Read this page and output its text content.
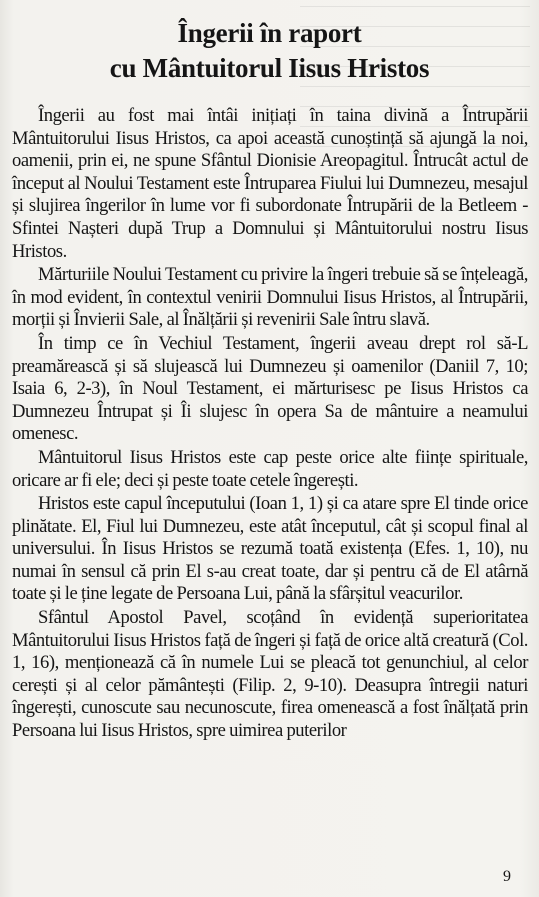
Îngerii în raport
cu Mântuitorul Iisus Hristos

Îngerii au fost mai întâi inițiați în taina divină a Întrupării Mântuitorului Iisus Hristos, ca apoi această cunoștință să ajungă la noi, oamenii, prin ei, ne spune Sfântul Dionisie Areopagitul. Întrucât actul de început al Noului Testament este Întruparea Fiului lui Dumnezeu, mesajul și slujirea îngerilor în lume vor fi subordonate Întrupării de la Betleem - Sfintei Nașteri după Trup a Domnului și Mântuitorului nostru Iisus Hristos.

Mărturiile Noului Testament cu privire la îngeri trebuie să se înțeleagă, în mod evident, în contextul venirii Domnului Iisus Hristos, al Întrupării, morții și Învierii Sale, al Înălțării și revenirii Sale întru slavă.

În timp ce în Vechiul Testament, îngerii aveau drept rol să-L preamărească și să slujească lui Dumnezeu și oamenilor (Daniil 7, 10; Isaia 6, 2-3), în Noul Testament, ei mărturisesc pe Iisus Hristos ca Dumnezeu Întrupat și Îi slujesc în opera Sa de mântuire a neamului omenesc.

Mântuitorul Iisus Hristos este cap peste orice alte ființe spirituale, oricare ar fi ele; deci și peste toate cetele îngerești.

Hristos este capul începutului (Ioan 1, 1) și ca atare spre El tinde orice plinătate. El, Fiul lui Dumnezeu, este atât începutul, cât și scopul final al universului. În Iisus Hristos se rezumă toată existența (Efes. 1, 10), nu numai în sensul că prin El s-au creat toate, dar și pentru că de El atârnă toate și le ține legate de Persoana Lui, până la sfârșitul veacurilor.

Sfântul Apostol Pavel, scoțând în evidență superioritatea Mântuitorului Iisus Hristos față de îngeri și față de orice altă creatură (Col. 1, 16), menționează că în numele Lui se pleacă tot genunchiul, al celor cerești și al celor pământești (Filip. 2, 9-10). Deasupra întregii naturi îngerești, cunoscute sau necunoscute, firea omenească a fost înălțată prin Persoana lui Iisus Hristos, spre uimirea puterilor

9
